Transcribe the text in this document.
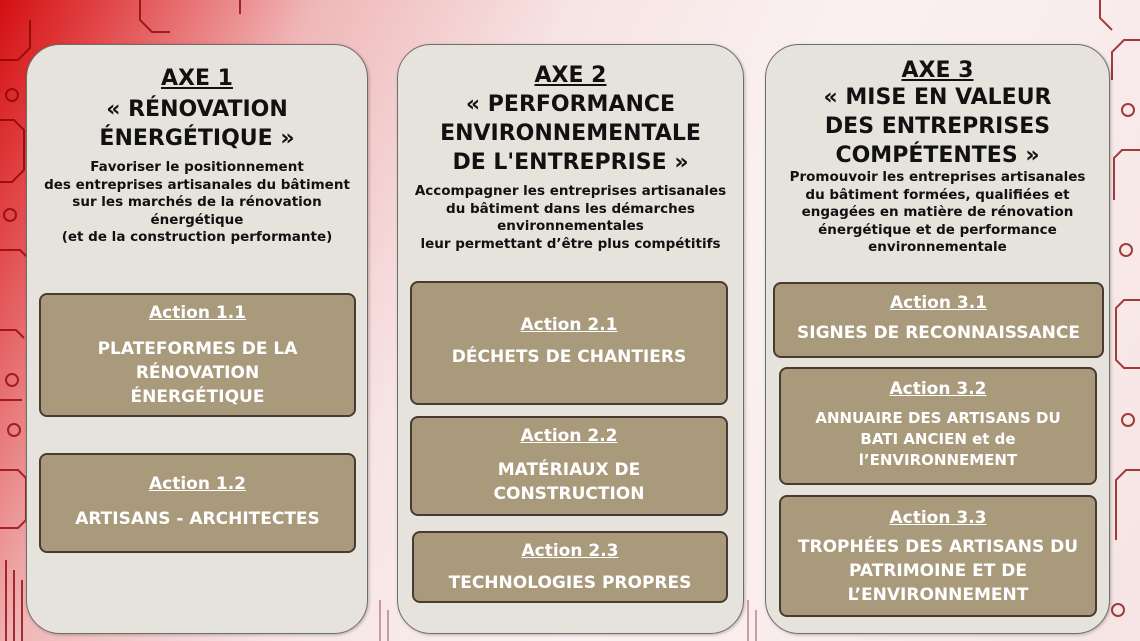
AXE 1
« RÉNOVATION
ÉNERGÉTIQUE »
Favoriser le positionnement
des entreprises artisanales du bâtiment
sur les marchés de la rénovation
énergétique
(et de la construction performante)
Action 1.1
PLATEFORMES DE LA
RÉNOVATION
ÉNERGÉTIQUE
Action 1.2
ARTISANS - ARCHITECTES
AXE 2
« PERFORMANCE
ENVIRONNEMENTALE
DE L'ENTREPRISE »
Accompagner les entreprises artisanales
du bâtiment dans les démarches
environnementales
leur permettant d’être plus compétitifs
Action 2.1
DÉCHETS DE CHANTIERS
Action 2.2
MATÉRIAUX DE
CONSTRUCTION
Action 2.3
TECHNOLOGIES PROPRES
AXE 3
« MISE EN VALEUR
DES ENTREPRISES
COMPÉTENTES »
Promouvoir les entreprises artisanales
du bâtiment formées, qualifiées et
engagées en matière de rénovation
énergétique et de performance
environnementale
Action 3.1
SIGNES DE RECONNAISSANCE
Action 3.2
ANNUAIRE DES ARTISANS DU
BATI ANCIEN et de
l’ENVIRONNEMENT
Action 3.3
TROPHÉES DES ARTISANS DU
PATRIMOINE ET DE
L’ENVIRONNEMENT
